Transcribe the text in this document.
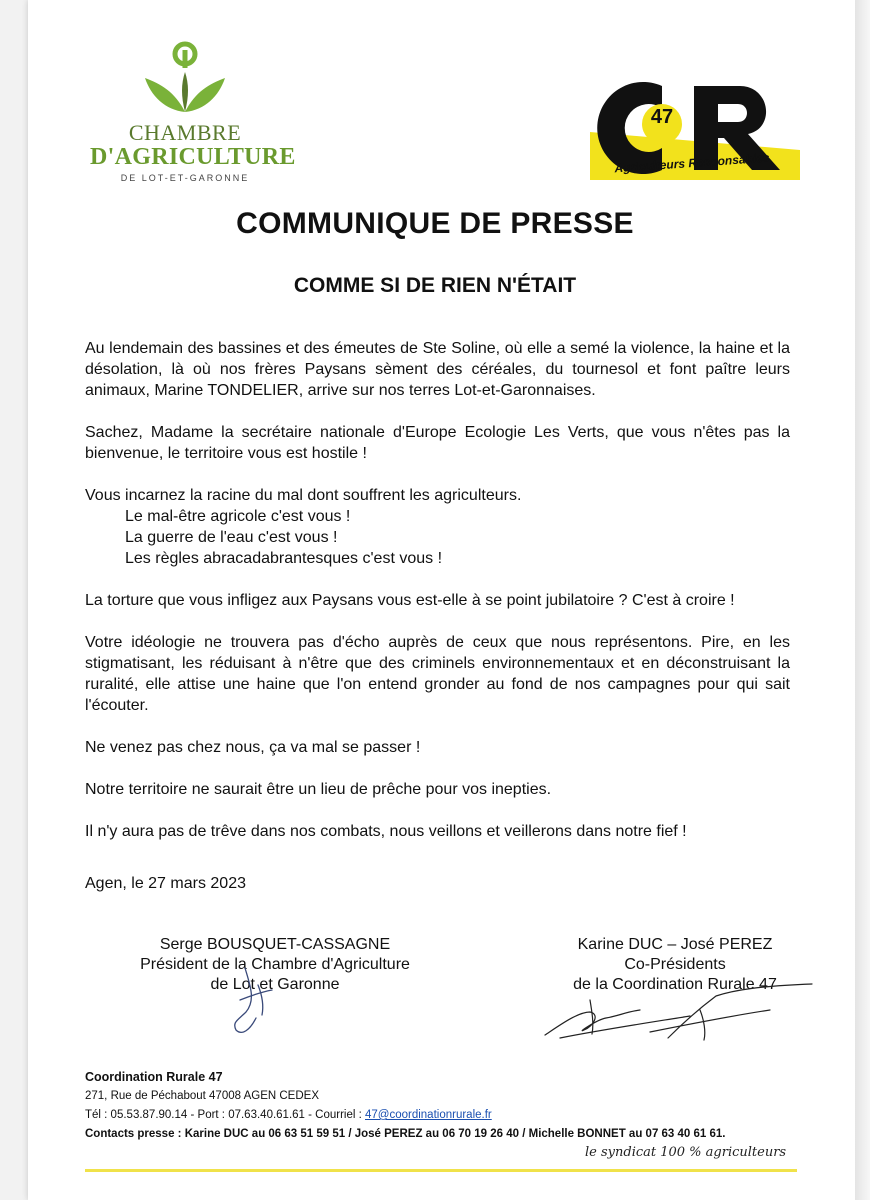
CHAMBRE
D'AGRICULTURE
DE LOT-ET-GARONNE
47
Agriculteurs Responsables
COMMUNIQUE DE PRESSE
COMME SI DE RIEN N'ÉTAIT

Au lendemain des bassines et des émeutes de Ste Soline, où elle a semé la violence, la haine et la désolation, là où nos frères Paysans sèment des céréales, du tournesol et font paître leurs animaux, Marine TONDELIER, arrive sur nos terres Lot-et-Garonnaises.

Sachez, Madame la secrétaire nationale d'Europe Ecologie Les Verts, que vous n'êtes pas la bienvenue, le territoire vous est hostile !

Vous incarnez la racine du mal dont souffrent les agriculteurs.

Le mal-être agricole c'est vous !

La guerre de l'eau c'est vous !

Les règles abracadabrantesques c'est vous !

La torture que vous infligez aux Paysans vous est-elle à se point jubilatoire ? C'est à croire !

Votre idéologie ne trouvera pas d'écho auprès de ceux que nous représentons. Pire, en les stigmatisant, les réduisant à n'être que des criminels environnementaux et en déconstruisant la ruralité, elle attise une haine que l'on entend gronder au fond de nos campagnes pour qui sait l'écouter.

Ne venez pas chez nous, ça va mal se passer !

Notre territoire ne saurait être un lieu de prêche pour vos inepties.

Il n'y aura pas de trêve dans nos combats, nous veillons et veillerons dans notre fief !

Agen, le 27 mars 2023
Serge BOUSQUET-CASSAGNE
Président de la Chambre d'Agriculture
de Lot et Garonne
Karine DUC – José PEREZ
Co-Présidents
de la Coordination Rurale 47
Coordination Rurale 47
271, Rue de Péchabout 47008 AGEN CEDEX
Tél : 05.53.87.90.14 - Port : 07.63.40.61.61 - Courriel : 47@coordinationrurale.fr
Contacts presse : Karine DUC au 06 63 51 59 51 / José PEREZ au 06 70 19 26 40 / Michelle BONNET au 07 63 40 61 61.
le syndicat 100 % agriculteurs
